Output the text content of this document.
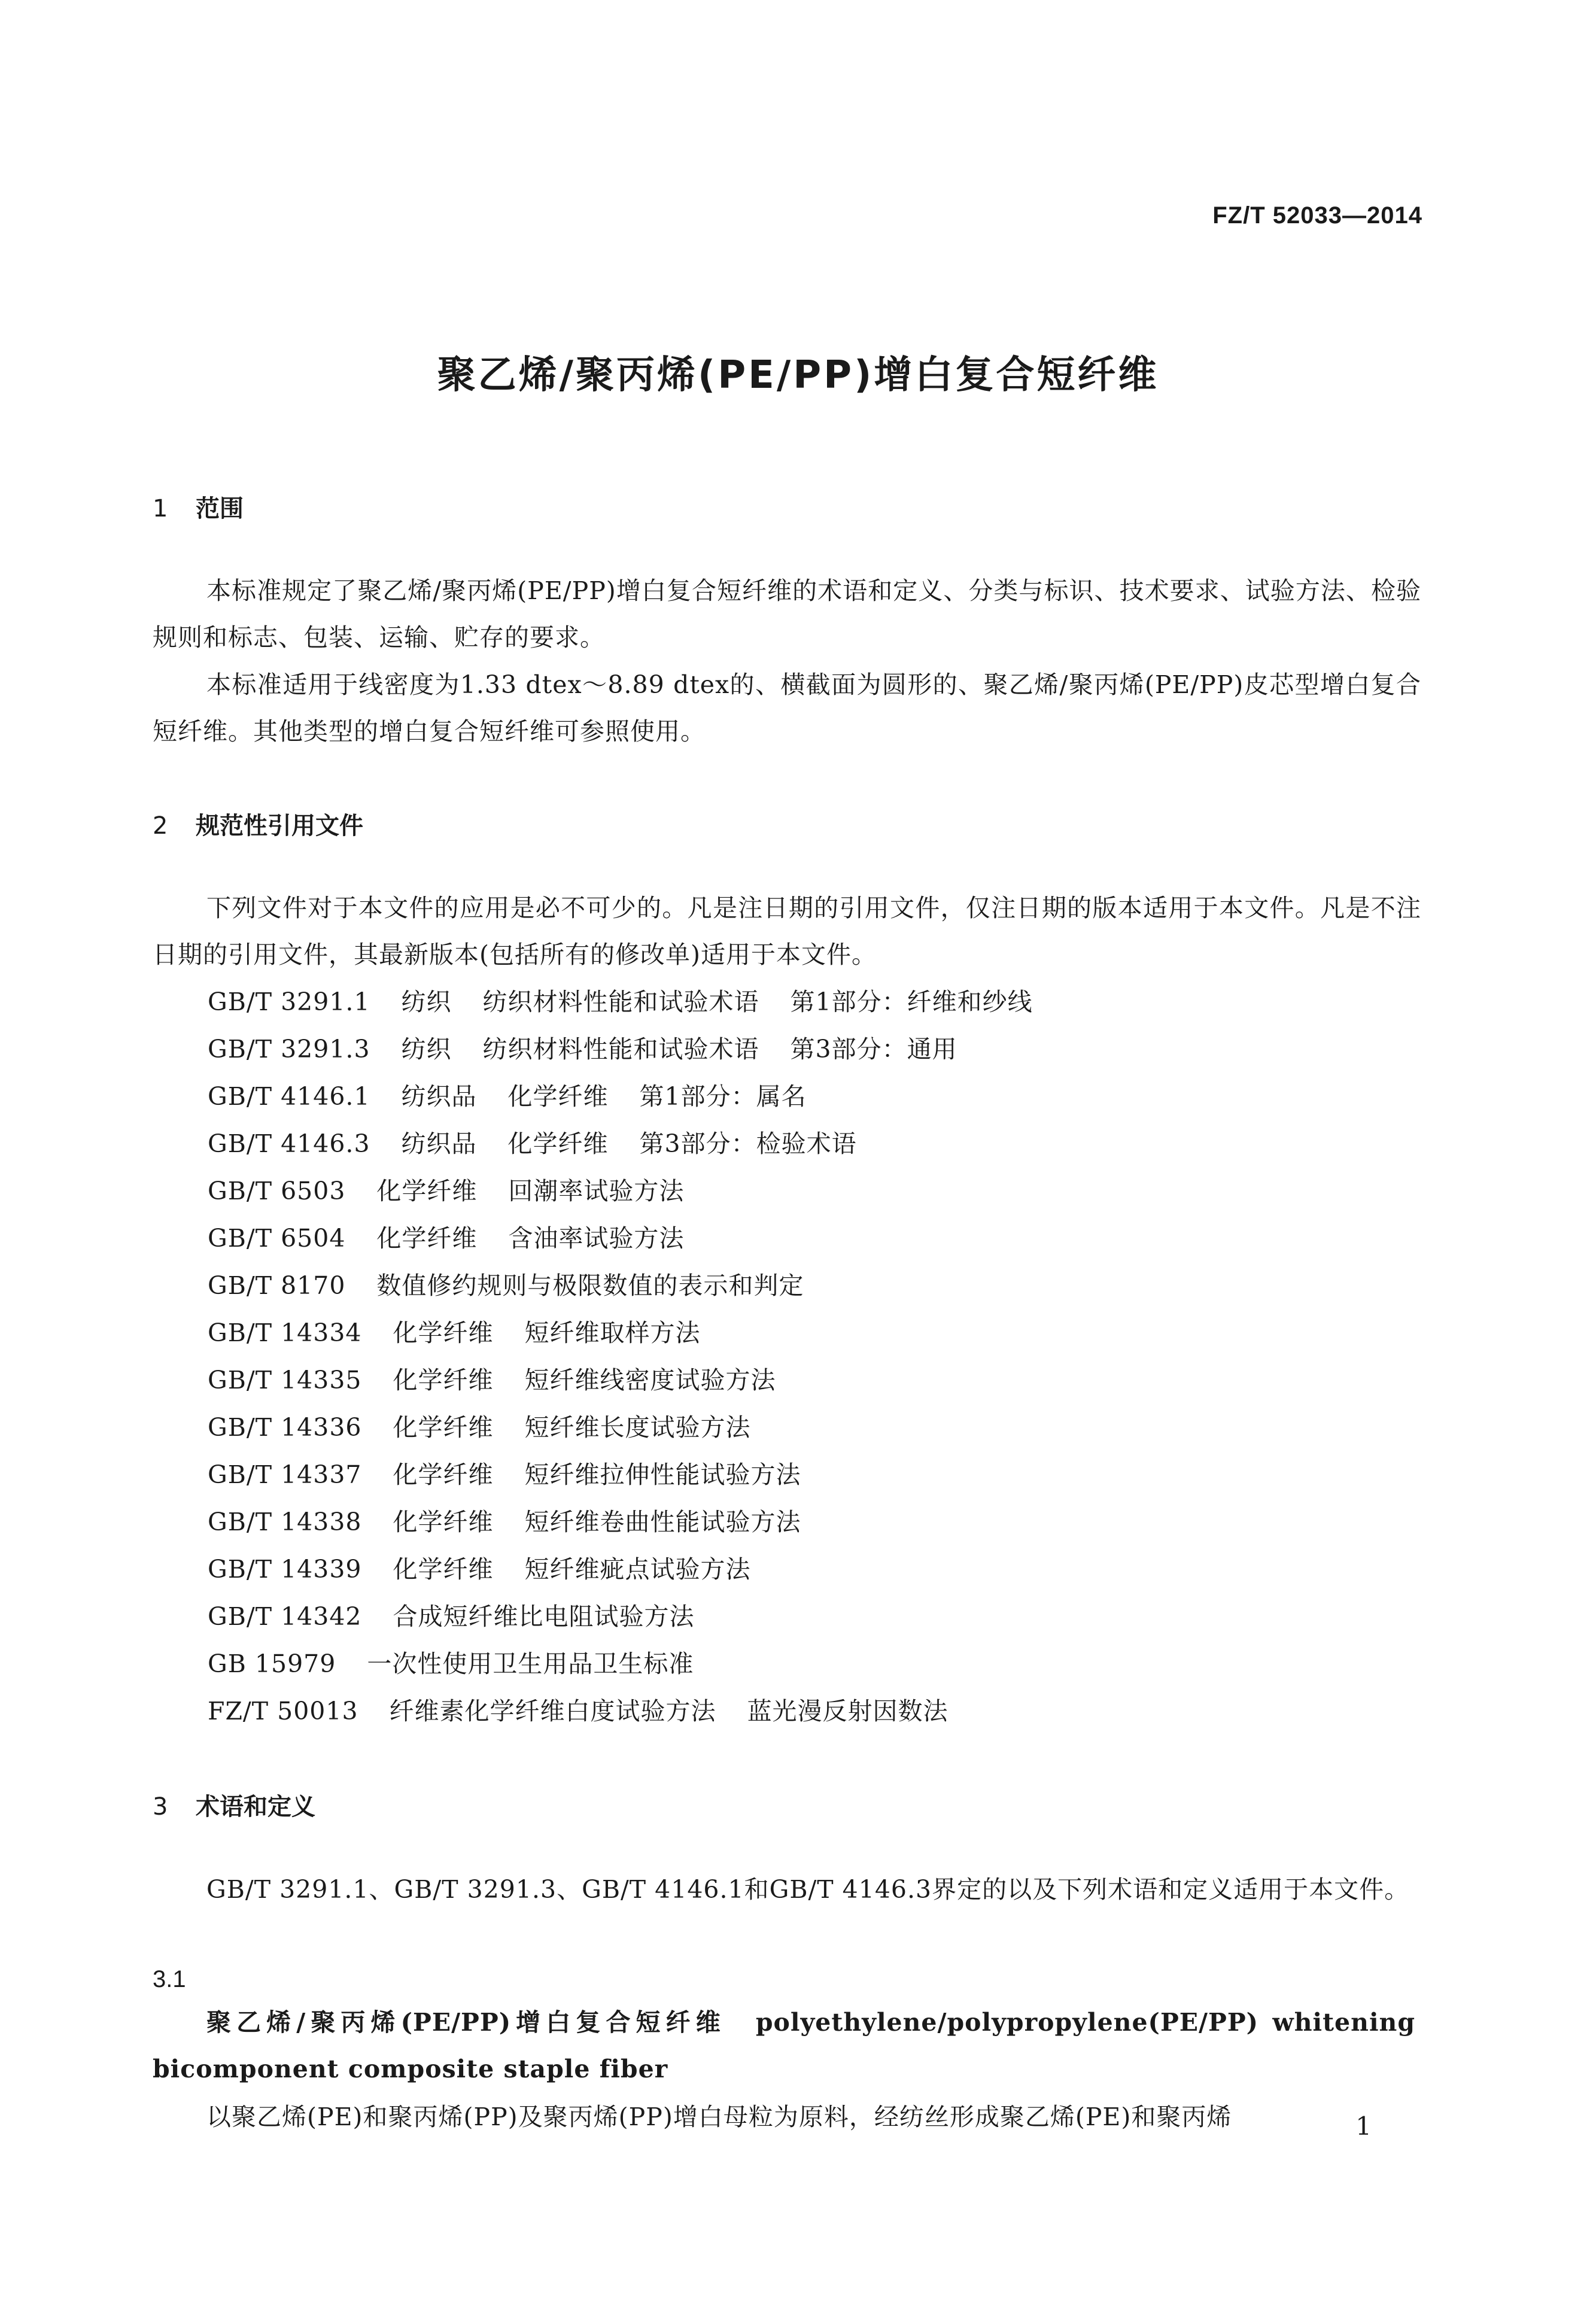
FZ/T 52033—2014
聚乙烯/聚丙烯(PE/PP)增白复合短纤维
1 范围
本标准规定了聚乙烯/聚丙烯(PE/PP)增白复合短纤维的术语和定义、分类与标识、技术要求、试验方法、检验规则和标志、包装、运输、贮存的要求。
本标准适用于线密度为1.33 dtex～8.89 dtex的、横截面为圆形的、聚乙烯/聚丙烯(PE/PP)皮芯型增白复合短纤维。其他类型的增白复合短纤维可参照使用。
2 规范性引用文件
下列文件对于本文件的应用是必不可少的。凡是注日期的引用文件，仅注日期的版本适用于本文件。凡是不注日期的引用文件，其最新版本(包括所有的修改单)适用于本文件。
GB/T 3291.1 纺织 纺织材料性能和试验术语 第1部分：纤维和纱线
GB/T 3291.3 纺织 纺织材料性能和试验术语 第3部分：通用
GB/T 4146.1 纺织品 化学纤维 第1部分：属名
GB/T 4146.3 纺织品 化学纤维 第3部分：检验术语
GB/T 6503 化学纤维 回潮率试验方法
GB/T 6504 化学纤维 含油率试验方法
GB/T 8170 数值修约规则与极限数值的表示和判定
GB/T 14334 化学纤维 短纤维取样方法
GB/T 14335 化学纤维 短纤维线密度试验方法
GB/T 14336 化学纤维 短纤维长度试验方法
GB/T 14337 化学纤维 短纤维拉伸性能试验方法
GB/T 14338 化学纤维 短纤维卷曲性能试验方法
GB/T 14339 化学纤维 短纤维疵点试验方法
GB/T 14342 合成短纤维比电阻试验方法
GB 15979 一次性使用卫生用品卫生标准
FZ/T 50013 纤维素化学纤维白度试验方法 蓝光漫反射因数法
3 术语和定义
GB/T 3291.1、GB/T 3291.3、GB/T 4146.1和GB/T 4146.3界定的以及下列术语和定义适用于本文件。
3.1
聚乙烯/聚丙烯(PE/PP)增白复合短纤维　polyethylene/polypropylene(PE/PP) whitening bicomponent composite staple fiber
以聚乙烯(PE)和聚丙烯(PP)及聚丙烯(PP)增白母粒为原料，经纺丝形成聚乙烯(PE)和聚丙烯	1
